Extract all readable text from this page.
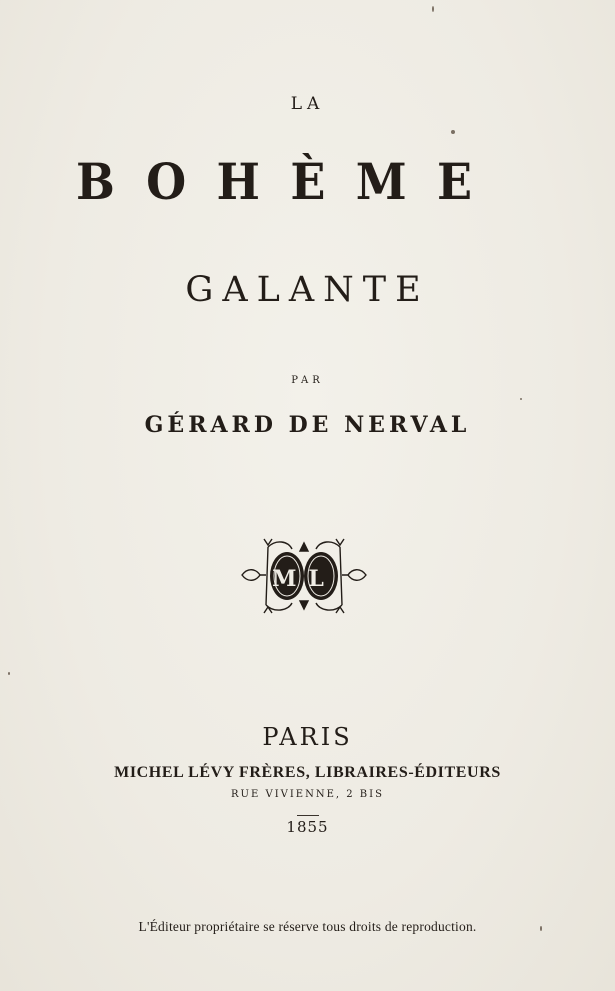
LA
BOHÈME
GALANTE
PAR
GÉRARD DE NERVAL
ML
PARIS
MICHEL LÉVY FRÈRES, LIBRAIRES-ÉDITEURS
RUE VIVIENNE, 2 BIS
1855
L'Éditeur propriétaire se réserve tous droits de reproduction.
